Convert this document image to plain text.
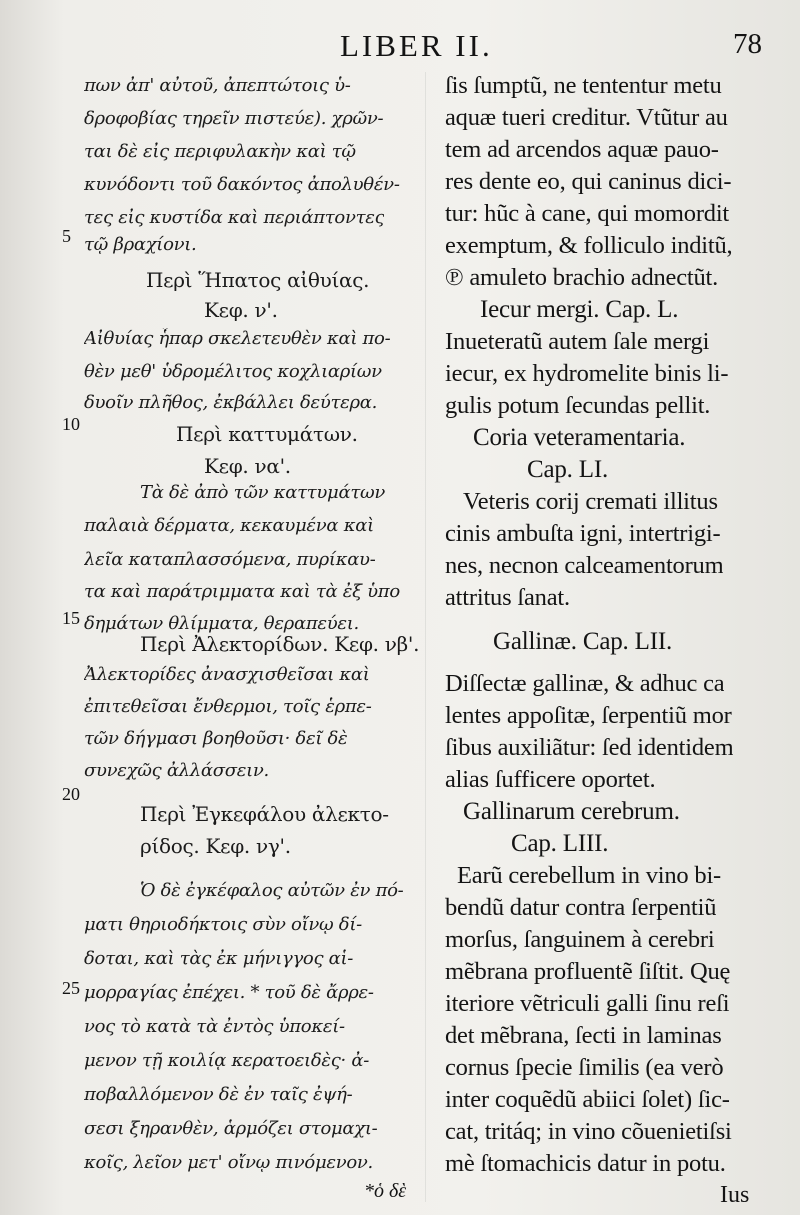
LIBER II.	78
πων ἀπ' αὐτοῦ, ἀπεπτώτοις ὑ-
δροφοβίας τηρεῖν πιστεύε). χρῶν-
ται δὲ εἰς περιφυλακὴν καὶ τῷ
κυνόδοντι τοῦ δακόντος ἀπολυθέν-
τες εἰς κυστίδα καὶ περιάπτοντες
τῷ βραχίονι.
Περὶ Ἥπατος αἰθυίας.
Κεφ. ν'.
Αἰθυίας ἧπαρ σκελετευθὲν καὶ πο-
θὲν μεθ' ὑδρομέλιτος κοχλιαρίων
δυοῖν πλῆθος, ἐκβάλλει δεύτερα.
Περὶ καττυμάτων.
Κεφ. να'.
Τὰ δὲ ἀπὸ τῶν καττυμάτων
παλαιὰ δέρματα, κεκαυμένα καὶ
λεῖα καταπλασσόμενα, πυρίκαυ-
τα καὶ παράτριμματα καὶ τὰ ἐξ ὑπο
δημάτων θλίμματα, θεραπεύει.
Περὶ Ἀλεκτορίδων. Κεφ. νβ'.
Ἀλεκτορίδες ἀνασχισθεῖσαι καὶ
ἐπιτεθεῖσαι ἔνθερμοι, τοῖς ἑρπε-
τῶν δήγμασι βοηθοῦσι· δεῖ δὲ
συνεχῶς ἀλλάσσειν.
Περὶ Ἐγκεφάλου ἀλεκτο-
ρίδος. Κεφ. νγ'.
Ὁ δὲ ἐγκέφαλος αὐτῶν ἐν πό-
ματι θηριοδήκτοις σὺν οἴνῳ δί-
δοται, καὶ τὰς ἐκ μήνιγγος αἱ-
μορραγίας ἐπέχει. * τοῦ δὲ ἄρρε-
νος τὸ κατὰ τὰ ἐντὸς ὑποκεί-
μενον τῇ κοιλίᾳ κερατοειδὲς· ἀ-
ποβαλλόμενον δὲ ἐν ταῖς ἐψή-
σεσι ξηρανθὲν, ἁρμόζει στομαχι-
κοῖς, λεῖον μετ' οἴνῳ πινόμενον.
*ὁ δὲ
5
10
15
20
25
ſis ſumptũ, ne tententur metu
aquæ tueri creditur. Vtũtur au
tem ad arcendos aquæ pauo-
res dente eo, qui caninus dici-
tur: hũc à cane, qui momordit
exemptum, & folliculo inditũ,
℗ amuleto brachio adnectũt.
Iecur mergi. Cap. L.
Inueteratũ autem ſale mergi
iecur, ex hydromelite binis li-
gulis potum ſecundas pellit.
Coria veteramentaria.
Cap. LI.
Veteris corij cremati illitus
cinis ambuſta igni, intertrigi-
nes, necnon calceamentorum
attritus ſanat.
Gallinæ. Cap. LII.
Diſſectæ gallinæ, & adhuc ca
lentes appoſitæ, ſerpentiũ mor
ſibus auxiliãtur: ſed identidem
alias ſufficere oportet.
Gallinarum cerebrum.
Cap. LIII.
Earũ cerebellum in vino bi-
bendũ datur contra ſerpentiũ
morſus, ſanguinem à cerebri
mẽbrana profluentẽ ſiſtit. Quę
iteriore vẽtriculi galli ſinu reſi
det mẽbrana, ſecti in laminas
cornus ſpecie ſimilis (ea verò
inter coquẽdũ abiici ſolet) ſic-
cat, tritáq; in vino cõuenietiſsi
mè ſtomachicis datur in potu.
Ius
